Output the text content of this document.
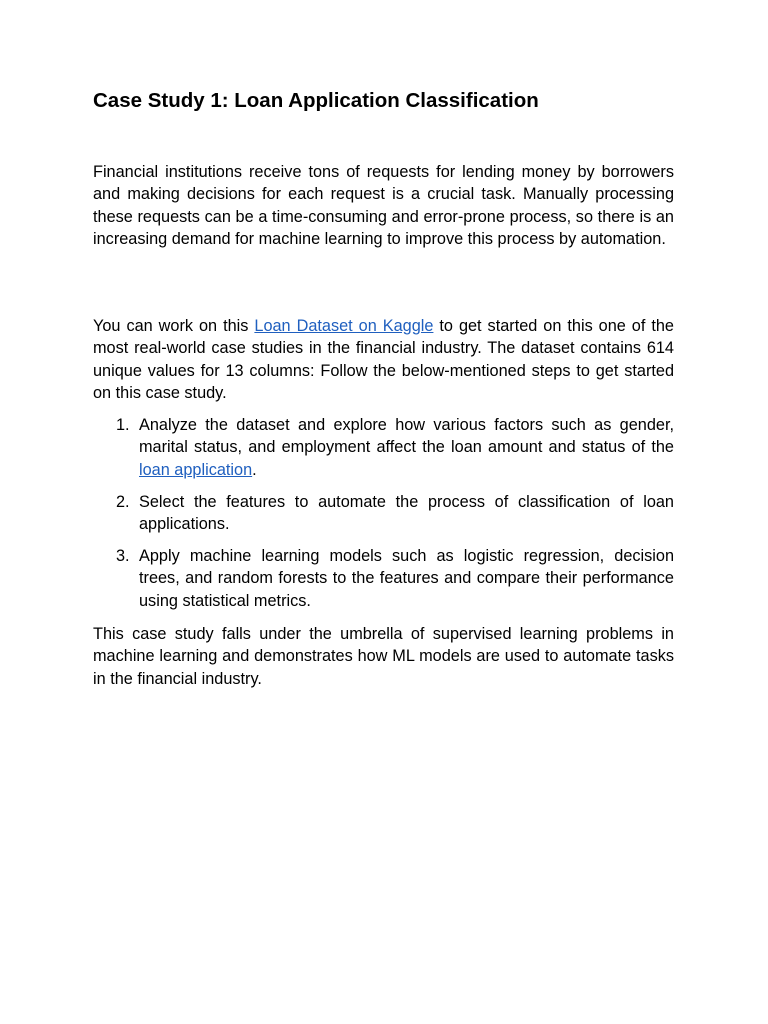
Case Study 1: Loan Application Classification

Financial institutions receive tons of requests for lending money by borrowers and making decisions for each request is a crucial task. Manually processing these requests can be a time-consuming and error-prone process, so there is an increasing demand for machine learning to improve this process by automation.

You can work on this Loan Dataset on Kaggle to get started on this one of the most real-world case studies in the financial industry. The dataset contains 614 unique values for 13 columns: Follow the below-mentioned steps to get started on this case study.

1. Analyze the dataset and explore how various factors such as gender, marital status, and employment affect the loan amount and status of the loan application.

2. Select the features to automate the process of classification of loan applications.

3. Apply machine learning models such as logistic regression, decision trees, and random forests to the features and compare their performance using statistical metrics.

This case study falls under the umbrella of supervised learning problems in machine learning and demonstrates how ML models are used to automate tasks in the financial industry.
